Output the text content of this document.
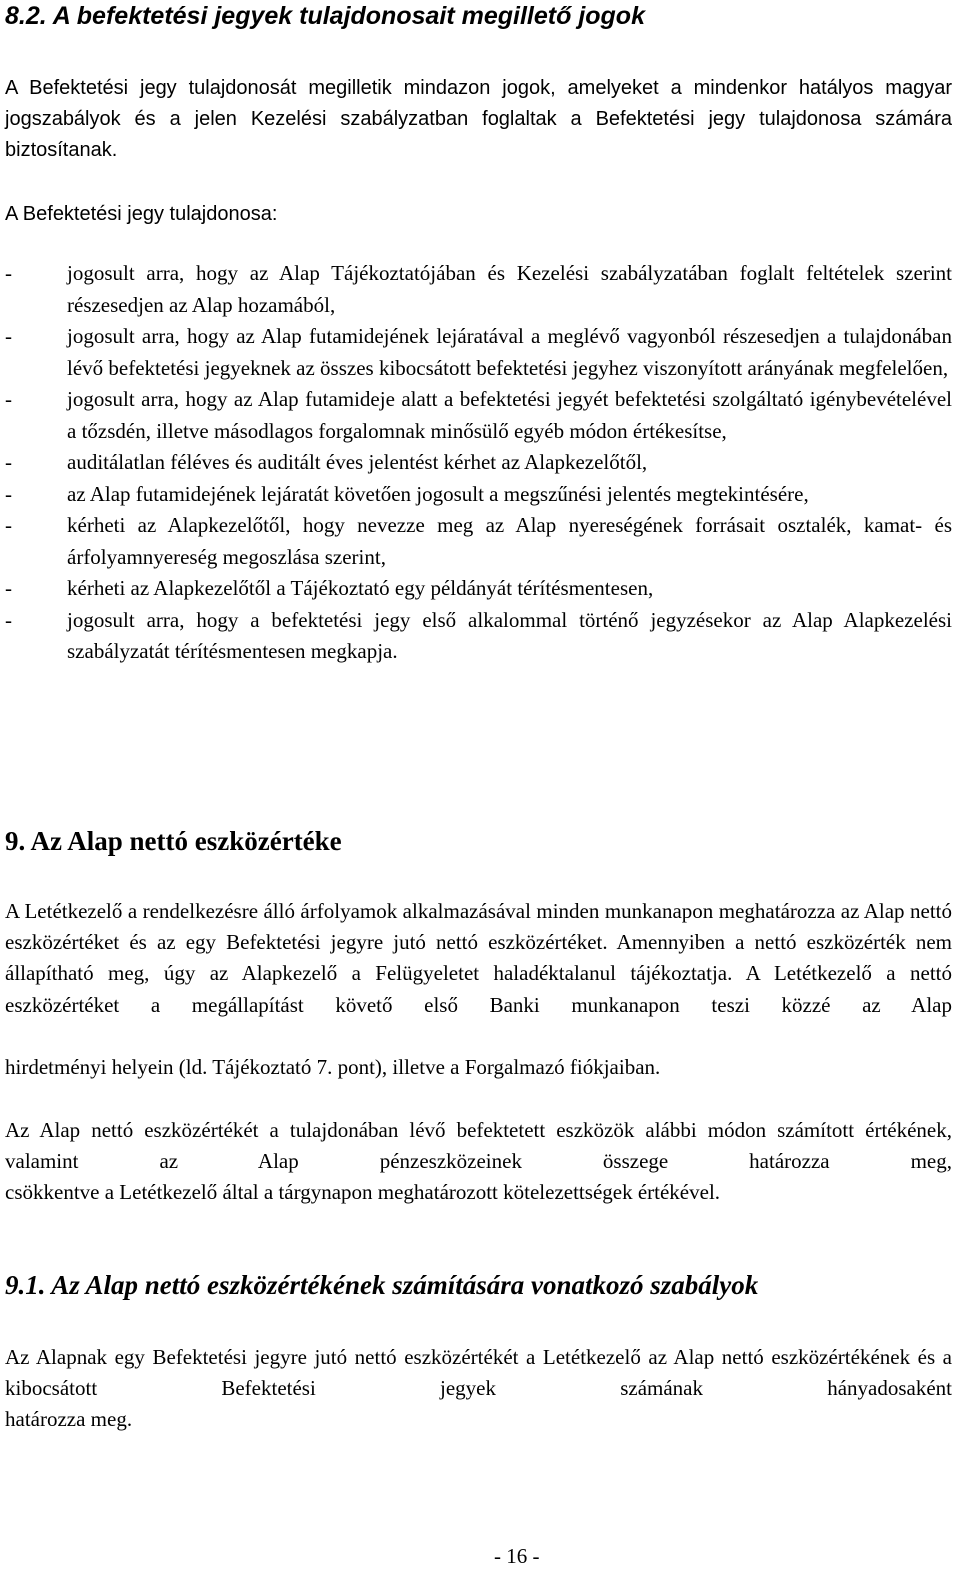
8.2. A befektetési jegyek tulajdonosait megillető jogok

A Befektetési jegy tulajdonosát megilletik mindazon jogok, amelyeket a mindenkor hatályos magyar jogszabályok és a jelen Kezelési szabályzatban foglaltak a Befektetési jegy tulajdonosa számára biztosítanak.

A Befektetési jegy tulajdonosa:

-	jogosult arra, hogy az Alap Tájékoztatójában és Kezelési szabályzatában foglalt feltételek szerint részesedjen az Alap hozamából,
-	jogosult arra, hogy az Alap futamidejének lejáratával a meglévő vagyonból részesedjen a tulajdonában lévő befektetési jegyeknek az összes kibocsátott befektetési jegyhez viszonyított arányának megfelelően,
-	jogosult arra, hogy az Alap futamideje alatt a befektetési jegyét befektetési szolgáltató igénybevételével a tőzsdén, illetve másodlagos forgalomnak minősülő egyéb módon értékesítse,
-	auditálatlan féléves és auditált éves jelentést kérhet az Alapkezelőtől,
-	az Alap futamidejének lejáratát követően jogosult a megszűnési jelentés megtekintésére,
-	kérheti az Alapkezelőtől, hogy nevezze meg az Alap nyereségének forrásait osztalék, kamat- és árfolyamnyereség megoszlása szerint,
-	kérheti az Alapkezelőtől a Tájékoztató egy példányát térítésmentesen,
-	jogosult arra, hogy a befektetési jegy első alkalommal történő jegyzésekor az Alap Alapkezelési szabályzatát térítésmentesen megkapja.
9. Az Alap nettó eszközértéke

A Letétkezelő a rendelkezésre álló árfolyamok alkalmazásával minden munkanapon meghatározza az Alap nettó eszközértéket és az egy Befektetési jegyre jutó nettó eszközértéket. Amennyiben a nettó eszközérték nem állapítható meg, úgy az Alapkezelő a Felügyeletet haladéktalanul tájékoztatja. A Letétkezelő a nettó eszközértéket a megállapítást követő első Banki munkanapon teszi közzé az Alap

hirdetményi helyein (ld. Tájékoztató 7. pont), illetve a Forgalmazó fiókjaiban.

Az Alap nettó eszközértékét a tulajdonában lévő befektetett eszközök alábbi módon számított értékének, valamint az Alap pénzeszközeinek összege határozza meg,

csökkentve a Letétkezelő által a tárgynapon meghatározott kötelezettségek értékével.

9.1. Az Alap nettó eszközértékének számítására vonatkozó szabályok

Az Alapnak egy Befektetési jegyre jutó nettó eszközértékét a Letétkezelő az Alap nettó eszközértékének és a kibocsátott Befektetési jegyek számának hányadosaként

határozza meg.

- 16 -
